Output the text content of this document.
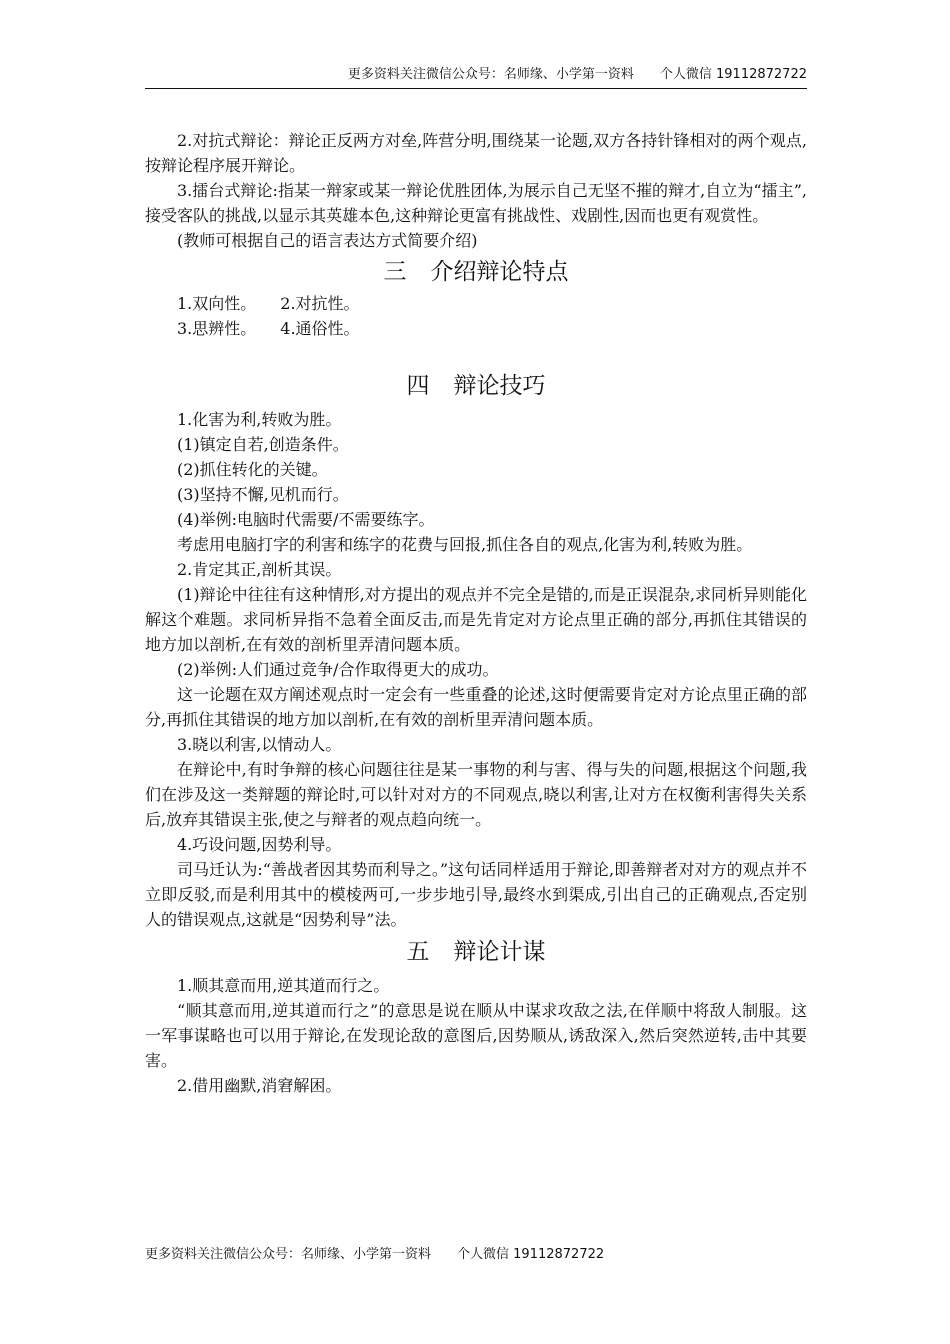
更多资料关注微信公众号：名师缘、小学第一资料 个人微信 19112872722

2.对抗式辩论：辩论正反两方对垒,阵营分明,围绕某一论题,双方各持针锋相对的两个观点,按辩论程序展开辩论。

3.擂台式辩论:指某一辩家或某一辩论优胜团体,为展示自己无坚不摧的辩才,自立为“擂主”,接受客队的挑战,以显示其英雄本色,这种辩论更富有挑战性、戏剧性,因而也更有观赏性。

(教师可根据自己的语言表达方式简要介绍)

三 介绍辩论特点
1.双向性。 2.对抗性。
3.思辨性。 4.通俗性。
四 辩论技巧

1.化害为利,转败为胜。

(1)镇定自若,创造条件。

(2)抓住转化的关键。

(3)坚持不懈,见机而行。

(4)举例:电脑时代需要/不需要练字。

考虑用电脑打字的利害和练字的花费与回报,抓住各自的观点,化害为利,转败为胜。

2.肯定其正,剖析其误。

(1)辩论中往往有这种情形,对方提出的观点并不完全是错的,而是正误混杂,求同析异则能化解这个难题。求同析异指不急着全面反击,而是先肯定对方论点里正确的部分,再抓住其错误的地方加以剖析,在有效的剖析里弄清问题本质。

(2)举例:人们通过竞争/合作取得更大的成功。

这一论题在双方阐述观点时一定会有一些重叠的论述,这时便需要肯定对方论点里正确的部分,再抓住其错误的地方加以剖析,在有效的剖析里弄清问题本质。

3.晓以利害,以情动人。

在辩论中,有时争辩的核心问题往往是某一事物的利与害、得与失的问题,根据这个问题,我们在涉及这一类辩题的辩论时,可以针对对方的不同观点,晓以利害,让对方在权衡利害得失关系后,放弃其错误主张,使之与辩者的观点趋向统一。

4.巧设问题,因势利导。

司马迁认为:“善战者因其势而利导之。”这句话同样适用于辩论,即善辩者对对方的观点并不立即反驳,而是利用其中的模棱两可,一步步地引导,最终水到渠成,引出自己的正确观点,否定别人的错误观点,这就是“因势利导”法。

五 辩论计谋

1.顺其意而用,逆其道而行之。

“顺其意而用,逆其道而行之”的意思是说在顺从中谋求攻敌之法,在佯顺中将敌人制服。这一军事谋略也可以用于辩论,在发现论敌的意图后,因势顺从,诱敌深入,然后突然逆转,击中其要害。

2.借用幽默,消窘解困。

更多资料关注微信公众号：名师缘、小学第一资料 个人微信 19112872722
